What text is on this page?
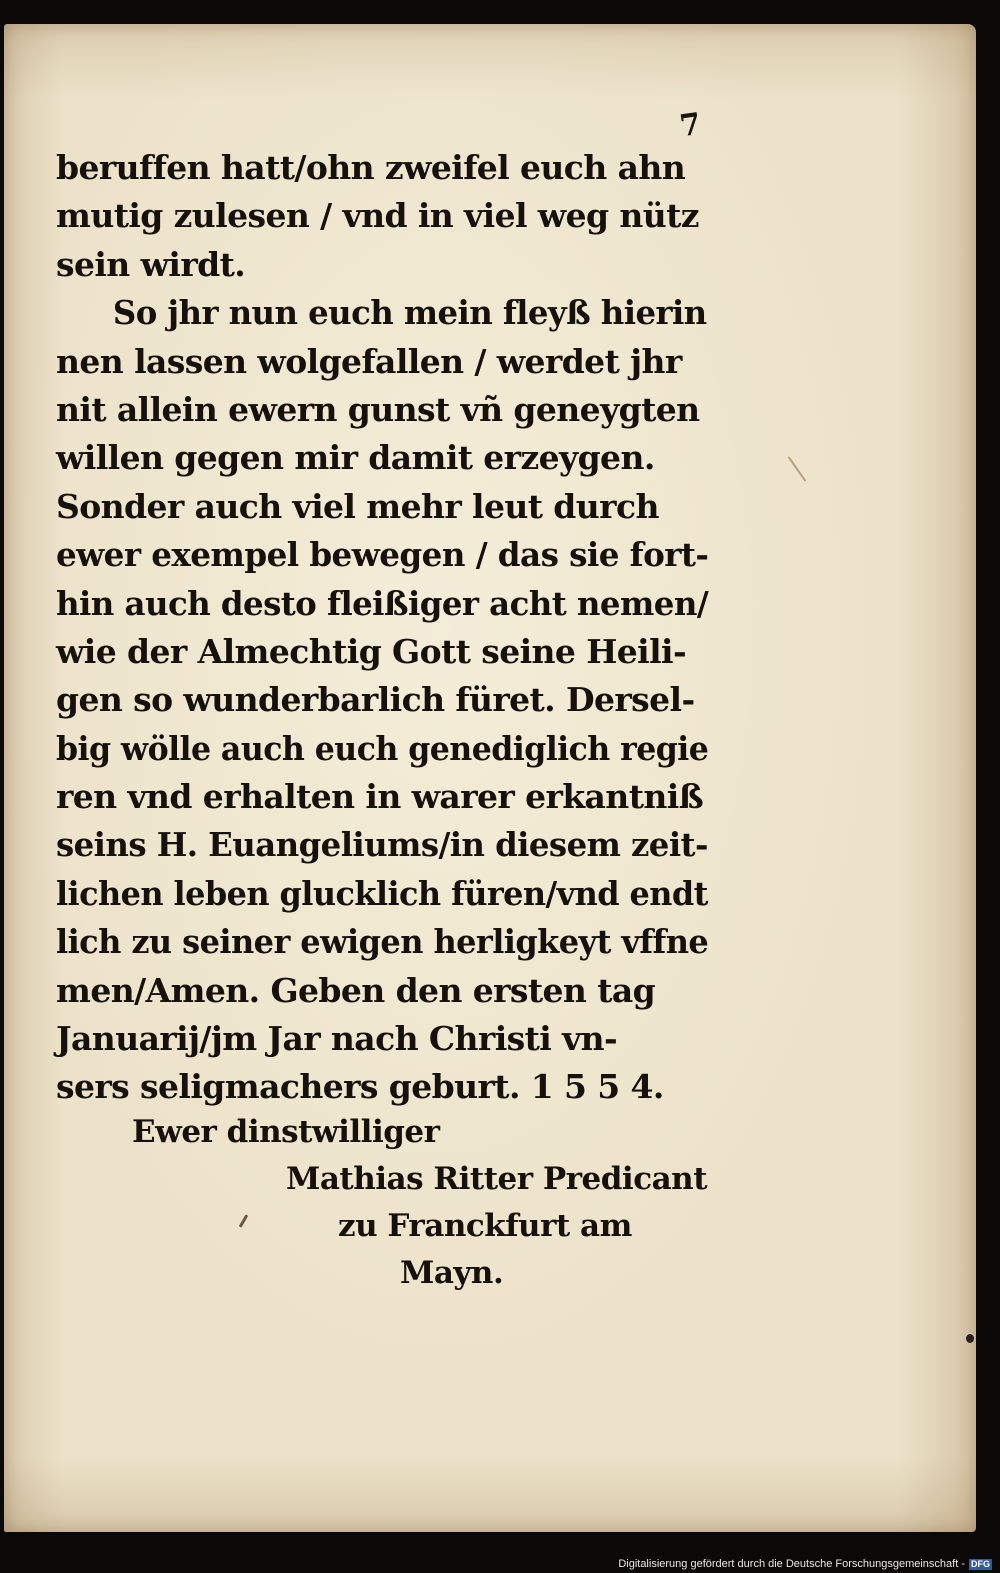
7
beruffen hatt/ohn zweifel euch ahn
mutig zulesen / vnd in viel weg nütz
sein wirdt.
So jhr nun euch mein fleyß hierin
nen lassen wolgefallen / werdet jhr
nit allein ewern gunst vñ geneygten
willen gegen mir damit erzeygen.
Sonder auch viel mehr leut durch
ewer exempel bewegen / das sie fort-
hin auch desto fleißiger acht nemen/
wie der Almechtig Gott seine Heili-
gen so wunderbarlich füret. Dersel-
big wölle auch euch genediglich regie
ren vnd erhalten in warer erkantniß
seins H. Euangeliums/in diesem zeit-
lichen leben glucklich füren/vnd endt
lich zu seiner ewigen herligkeyt vffne
men/Amen. Geben den ersten tag
Januarij/jm Jar nach Christi vn-
sers seligmachers geburt. 1 5 5 4.
Ewer dinstwilliger
Mathias Ritter Predicant
zu Franckfurt am
Mayn.
Digitalisierung gefördert durch die Deutsche Forschungsgemeinschaft - DFG
